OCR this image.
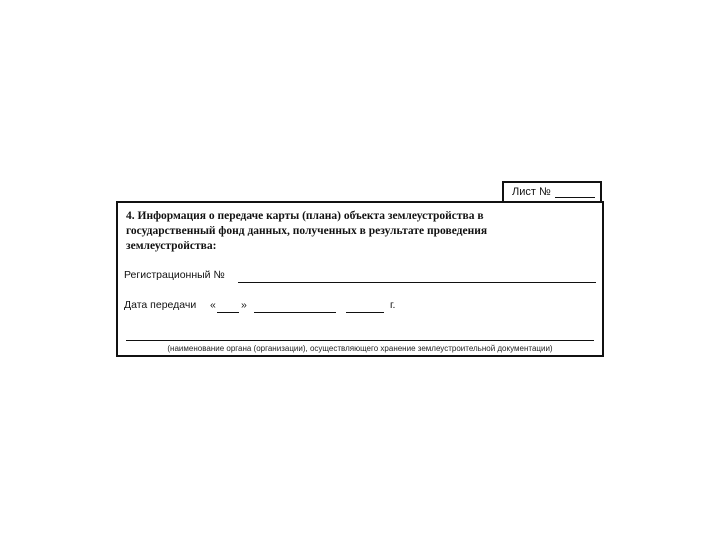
Лист №
4. Информация о передаче карты (плана) объекта землеустройства в государственный фонд данных, полученных в результате проведения землеустройства:
Регистрационный №
Дата передачи « »	г.
(наименование органа (организации), осуществляющего хранение землеустроительной документации)
